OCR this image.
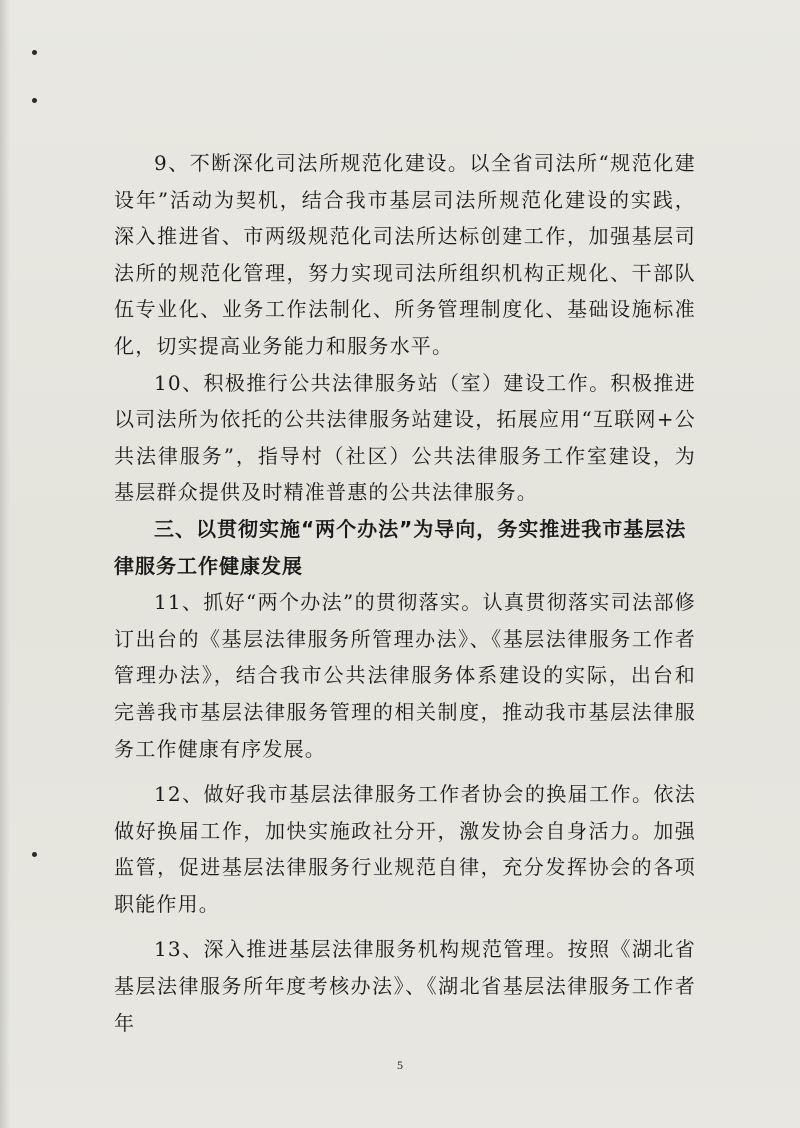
9、不断深化司法所规范化建设。以全省司法所“规范化建设年”活动为契机，结合我市基层司法所规范化建设的实践，深入推进省、市两级规范化司法所达标创建工作，加强基层司法所的规范化管理，努力实现司法所组织机构正规化、干部队伍专业化、业务工作法制化、所务管理制度化、基础设施标准化，切实提高业务能力和服务水平。

10、积极推行公共法律服务站（室）建设工作。积极推进以司法所为依托的公共法律服务站建设，拓展应用“互联网+公共法律服务”，指导村（社区）公共法律服务工作室建设，为基层群众提供及时精准普惠的公共法律服务。

三、以贯彻实施“两个办法”为导向，务实推进我市基层法律服务工作健康发展

11、抓好“两个办法”的贯彻落实。认真贯彻落实司法部修订出台的《基层法律服务所管理办法》、《基层法律服务工作者管理办法》，结合我市公共法律服务体系建设的实际，出台和完善我市基层法律服务管理的相关制度，推动我市基层法律服务工作健康有序发展。

12、做好我市基层法律服务工作者协会的换届工作。依法做好换届工作，加快实施政社分开，激发协会自身活力。加强监管，促进基层法律服务行业规范自律，充分发挥协会的各项职能作用。

13、深入推进基层法律服务机构规范管理。按照《湖北省基层法律服务所年度考核办法》、《湖北省基层法律服务工作者年

5
